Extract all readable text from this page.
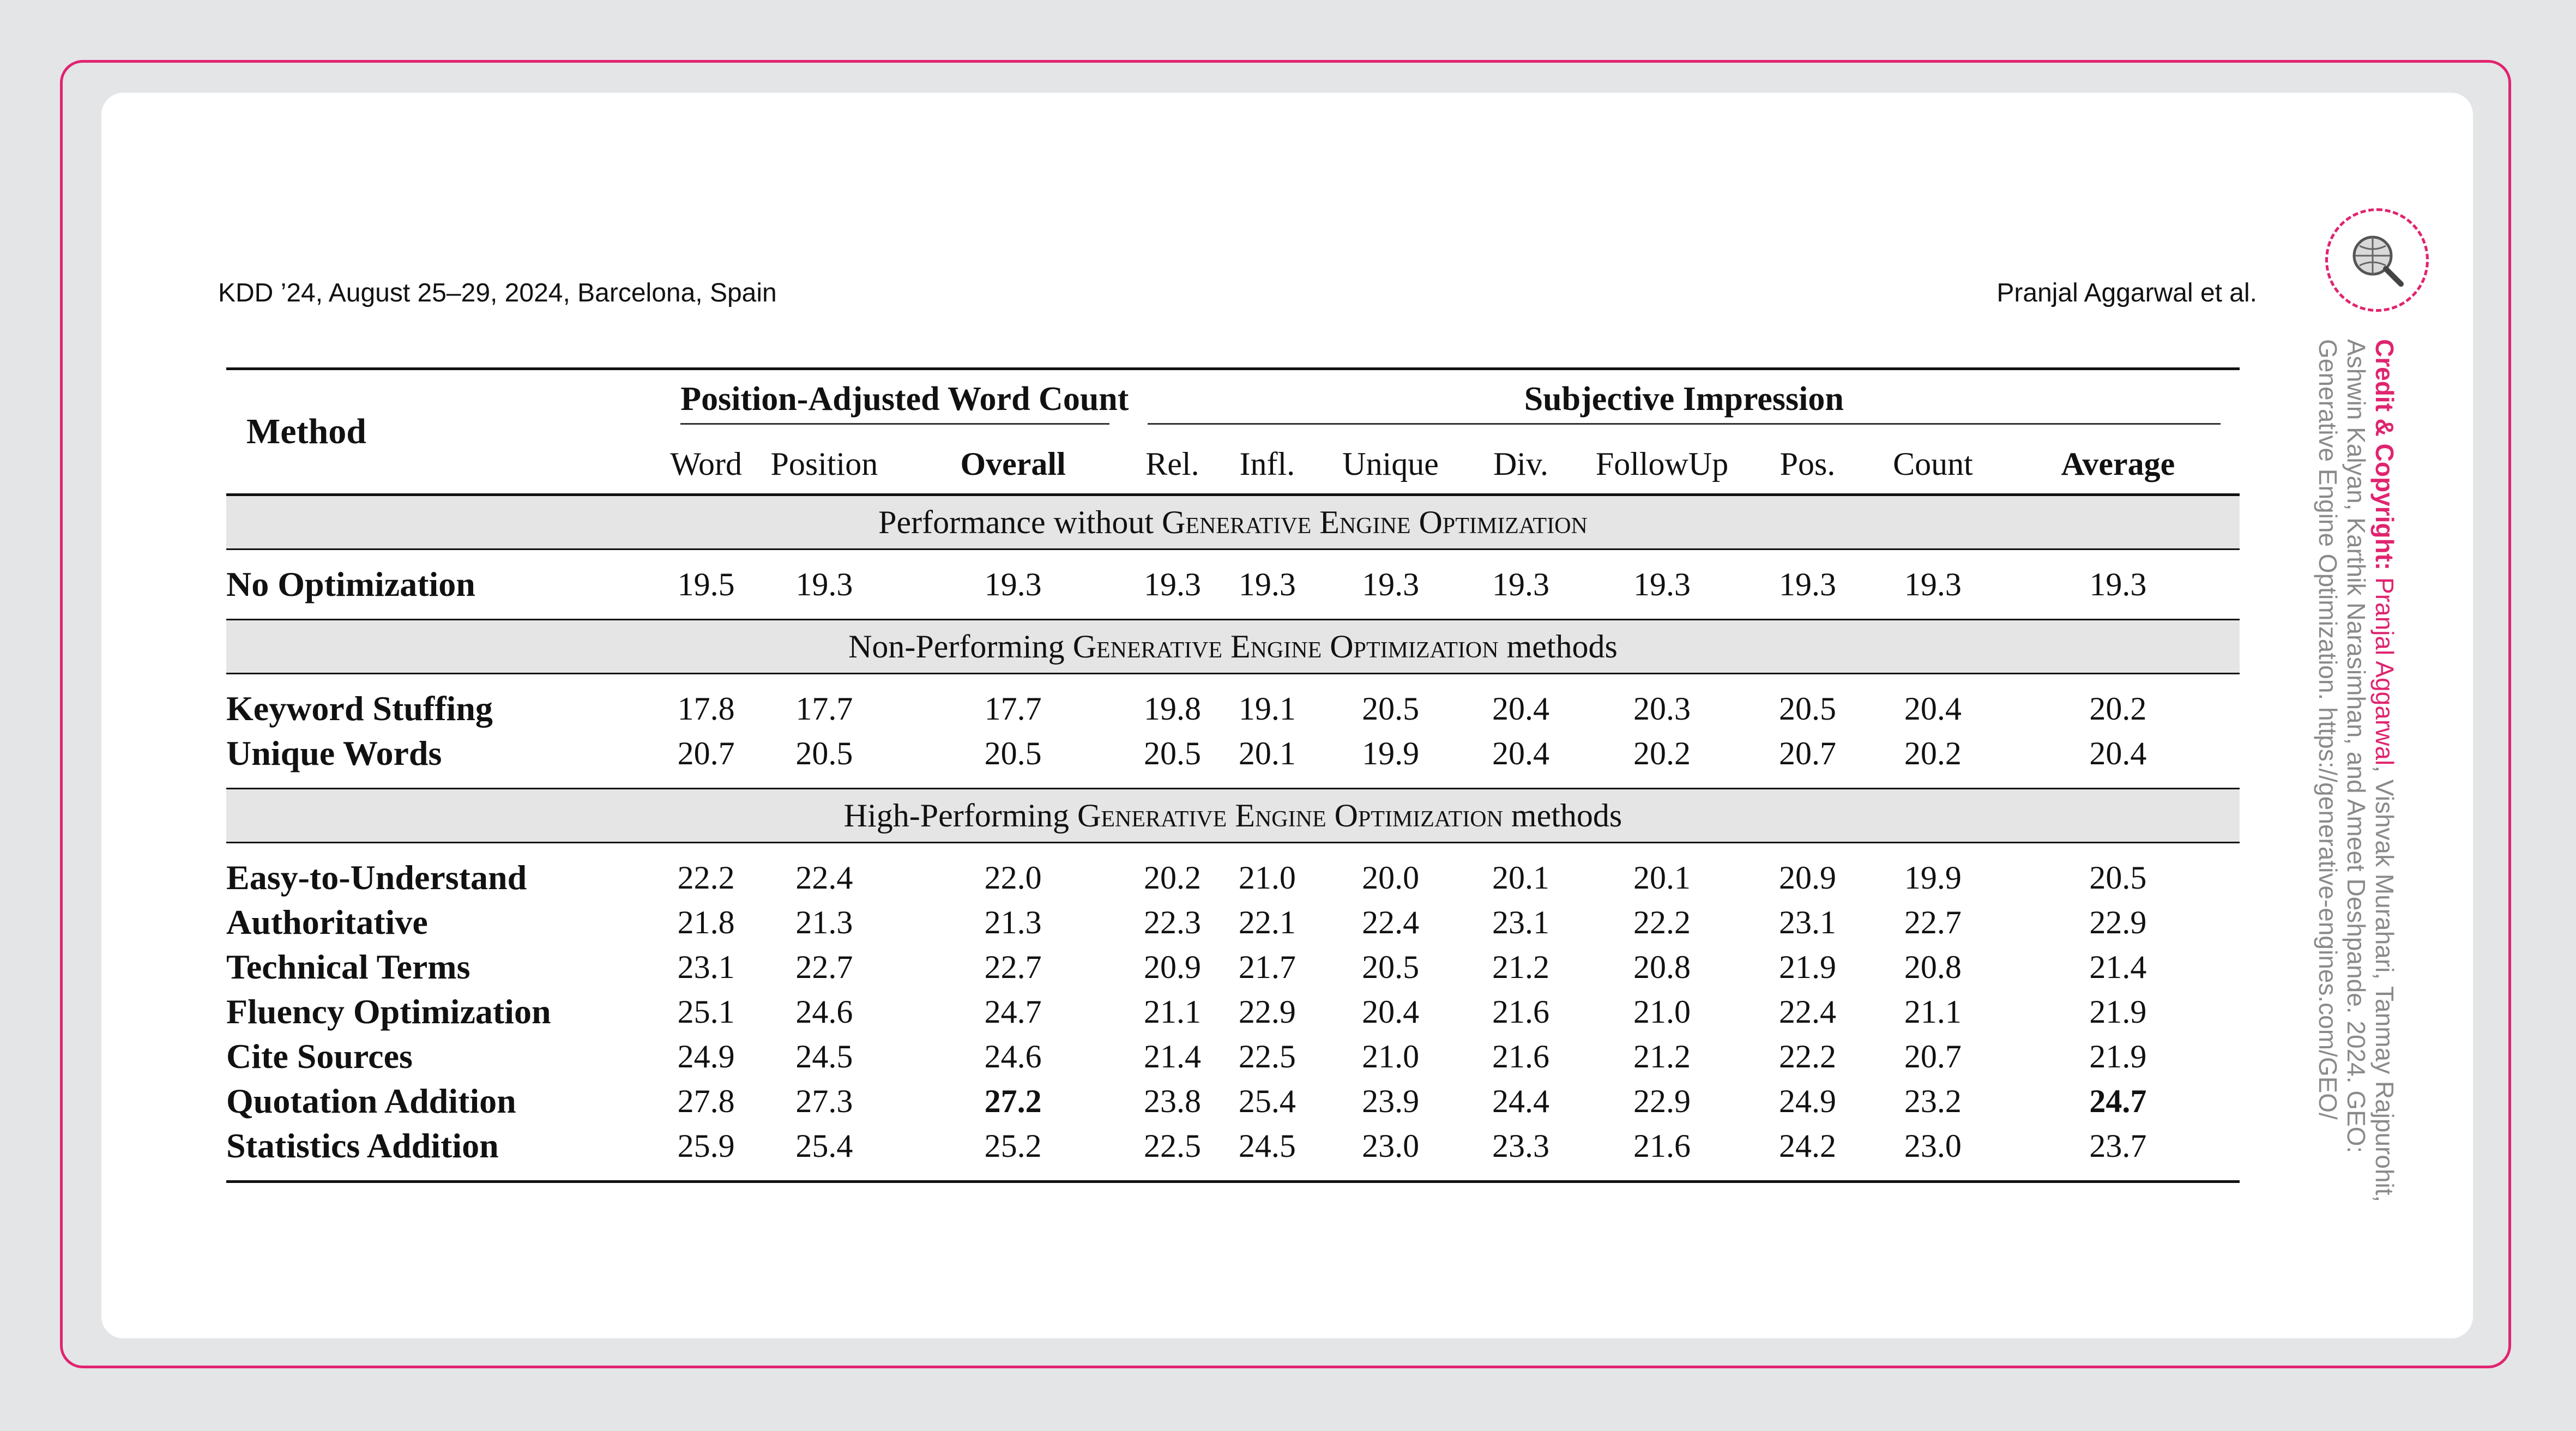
KDD ’24, August 25–29, 2024, Barcelona, Spain	Pranjal Aggarwal et al.
Method	Position-Adjusted Word Count			Subjective Impression							

	Word	Position	Overall	Rel.	Infl.	Unique	Div.	FollowUp	Pos.	Count	Average
Performance without Generative Engine Optimization											

No Optimization	19.5	19.3	19.3	19.3	19.3	19.3	19.3	19.3	19.3	19.3	19.3

Non-Performing Generative Engine Optimization methods											

Keyword Stuffing	17.8	17.7	17.7	19.8	19.1	20.5	20.4	20.3	20.5	20.4	20.2
Unique Words	20.7	20.5	20.5	20.5	20.1	19.9	20.4	20.2	20.7	20.2	20.4

High-Performing Generative Engine Optimization methods											

Easy-to-Understand	22.2	22.4	22.0	20.2	21.0	20.0	20.1	20.1	20.9	19.9	20.5
Authoritative	21.8	21.3	21.3	22.3	22.1	22.4	23.1	22.2	23.1	22.7	22.9
Technical Terms	23.1	22.7	22.7	20.9	21.7	20.5	21.2	20.8	21.9	20.8	21.4
Fluency Optimization	25.1	24.6	24.7	21.1	22.9	20.4	21.6	21.0	22.4	21.1	21.9
Cite Sources	24.9	24.5	24.6	21.4	22.5	21.0	21.6	21.2	22.2	20.7	21.9
Quotation Addition	27.8	27.3	27.2	23.8	25.4	23.9	24.4	22.9	24.9	23.2	24.7
Statistics Addition	25.9	25.4	25.2	22.5	24.5	23.0	23.3	21.6	24.2	23.0	23.7

Credit & Copyright: Pranjal Aggarwal, Vishvak Murahari, Tanmay Rajpurohit, Ashwin Kalyan, Karthik Narasimhan, and Ameet Deshpande. 2024. GEO: Generative Engine Optimization. https://generative-engines.com/GEO/
